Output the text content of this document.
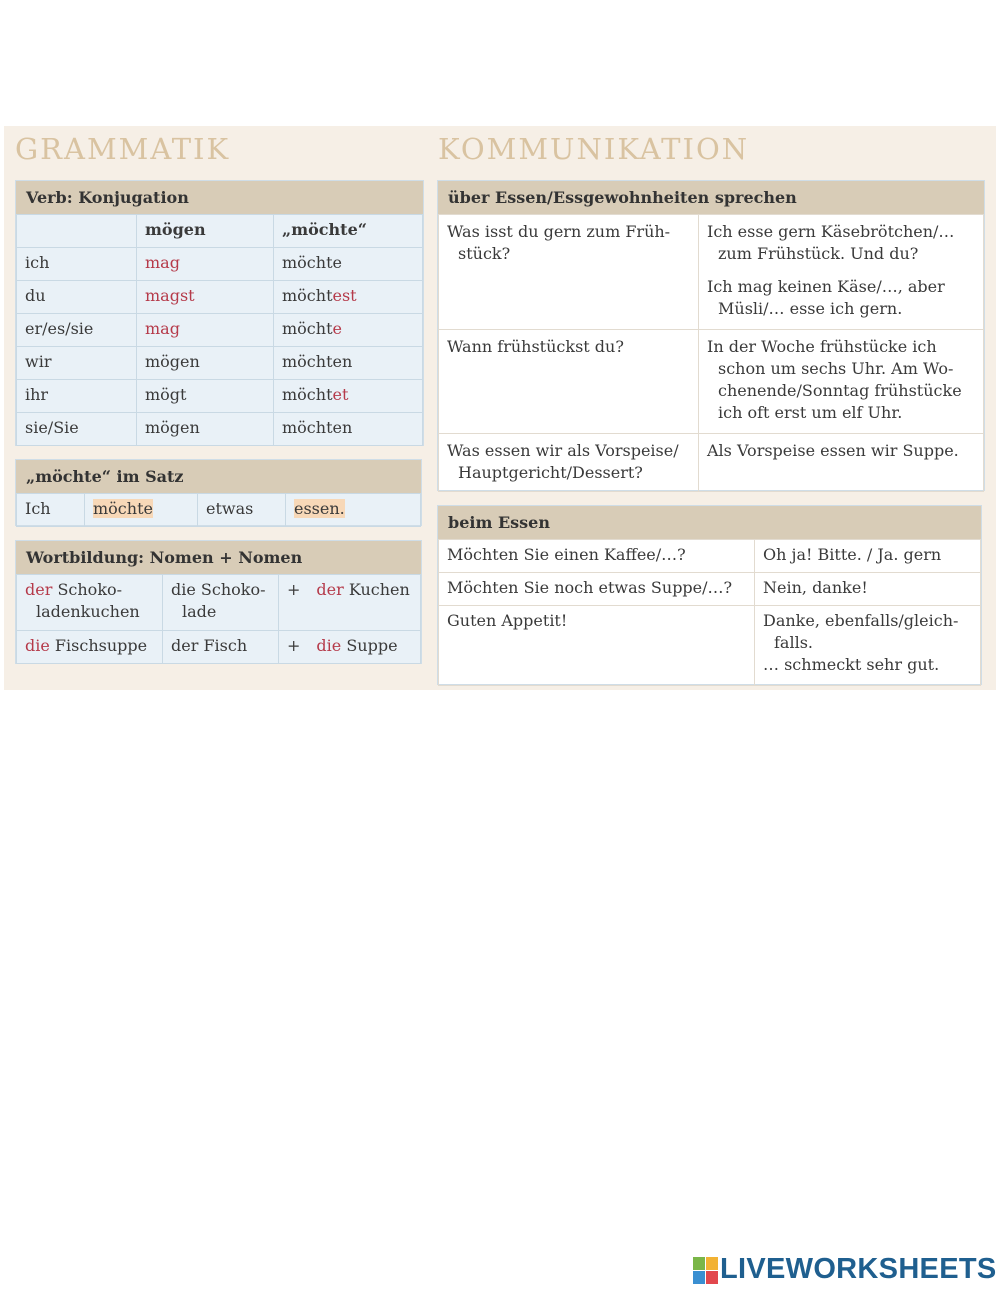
GRAMMATIK	KOMMUNIKATION
Verb: Konjugation
	mögen	„möchte“
ich	mag	möchte
du	magst	möchtest
er/es/sie	mag	möchte
wir	mögen	möchten
ihr	mögt	möchtet
sie/Sie	mögen	möchten
„möchte“ im Satz
Ich	möchte	etwas	essen.
Wortbildung: Nomen + Nomen
der Schoko-
ladenkuchen	die Schoko-
lade	+	der Kuchen
die Fischsuppe	der Fisch	+	die Suppe
über Essen/Essgewohnheiten sprechen
Was isst du gern zum Früh-
stück?	Ich esse gern Käsebrötchen/…
zum Frühstück. Und du?
Ich mag keinen Käse/…, aber
Müsli/… esse ich gern.

Wann frühstückst du?	In der Woche frühstücke ich
schon um sechs Uhr. Am Wo-
chenende/Sonntag frühstücke
ich oft erst um elf Uhr.

Was essen wir als Vorspeise/
Hauptgericht/Dessert?	Als Vorspeise essen wir Suppe.
beim Essen
Möchten Sie einen Kaffee/…?	Oh ja! Bitte. / Ja. gern
Möchten Sie noch etwas Suppe/…?	Nein, danke!
Guten Appetit!	Danke, ebenfalls/gleich-
falls.
… schmeckt sehr gut.
LIVEWORKSHEETS
